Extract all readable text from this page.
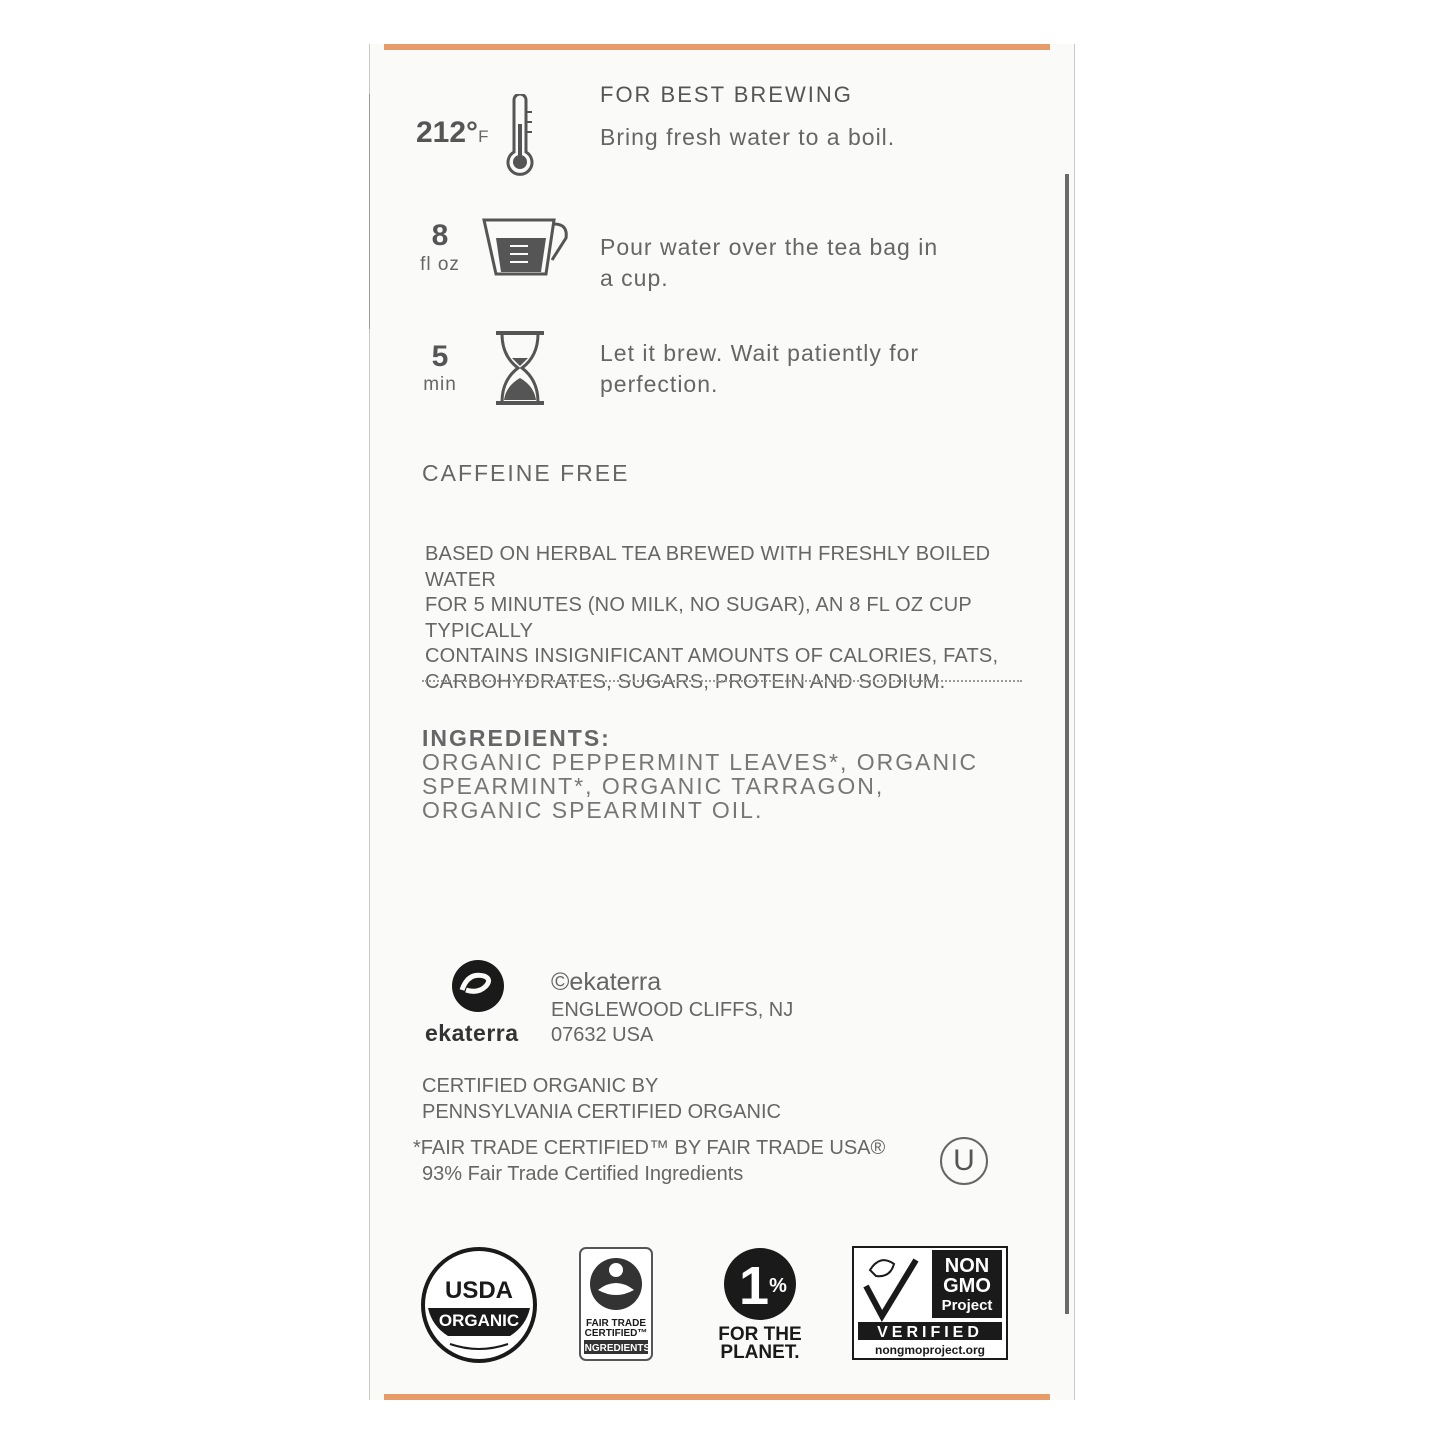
FOR BEST BREWING
212°F	Bring fresh water to a boil.
8
fl oz
Pour water over the tea bag in
a cup.
5
min
Let it brew. Wait patiently for
perfection.
CAFFEINE FREE
BASED ON HERBAL TEA BREWED WITH FRESHLY BOILED WATER
FOR 5 MINUTES (NO MILK, NO SUGAR), AN 8 FL OZ CUP TYPICALLY
CONTAINS INSIGNIFICANT AMOUNTS OF CALORIES, FATS,
CARBOHYDRATES, SUGARS, PROTEIN AND SODIUM.
INGREDIENTS:
ORGANIC PEPPERMINT LEAVES*, ORGANIC
SPEARMINT*, ORGANIC TARRAGON,
ORGANIC SPEARMINT OIL.
ekaterra
©ekaterra
ENGLEWOOD CLIFFS, NJ
07632 USA
CERTIFIED ORGANIC BY
PENNSYLVANIA CERTIFIED ORGANIC
*FAIR TRADE CERTIFIED™ BY FAIR TRADE USA®
93% Fair Trade Certified Ingredients	U
USDA
ORGANIC	FAIR TRADE
CERTIFIED™
INGREDIENTS
1 %
FOR THE
PLANET.
NON
GMO
Project
VERIFIED
nongmoproject.org
